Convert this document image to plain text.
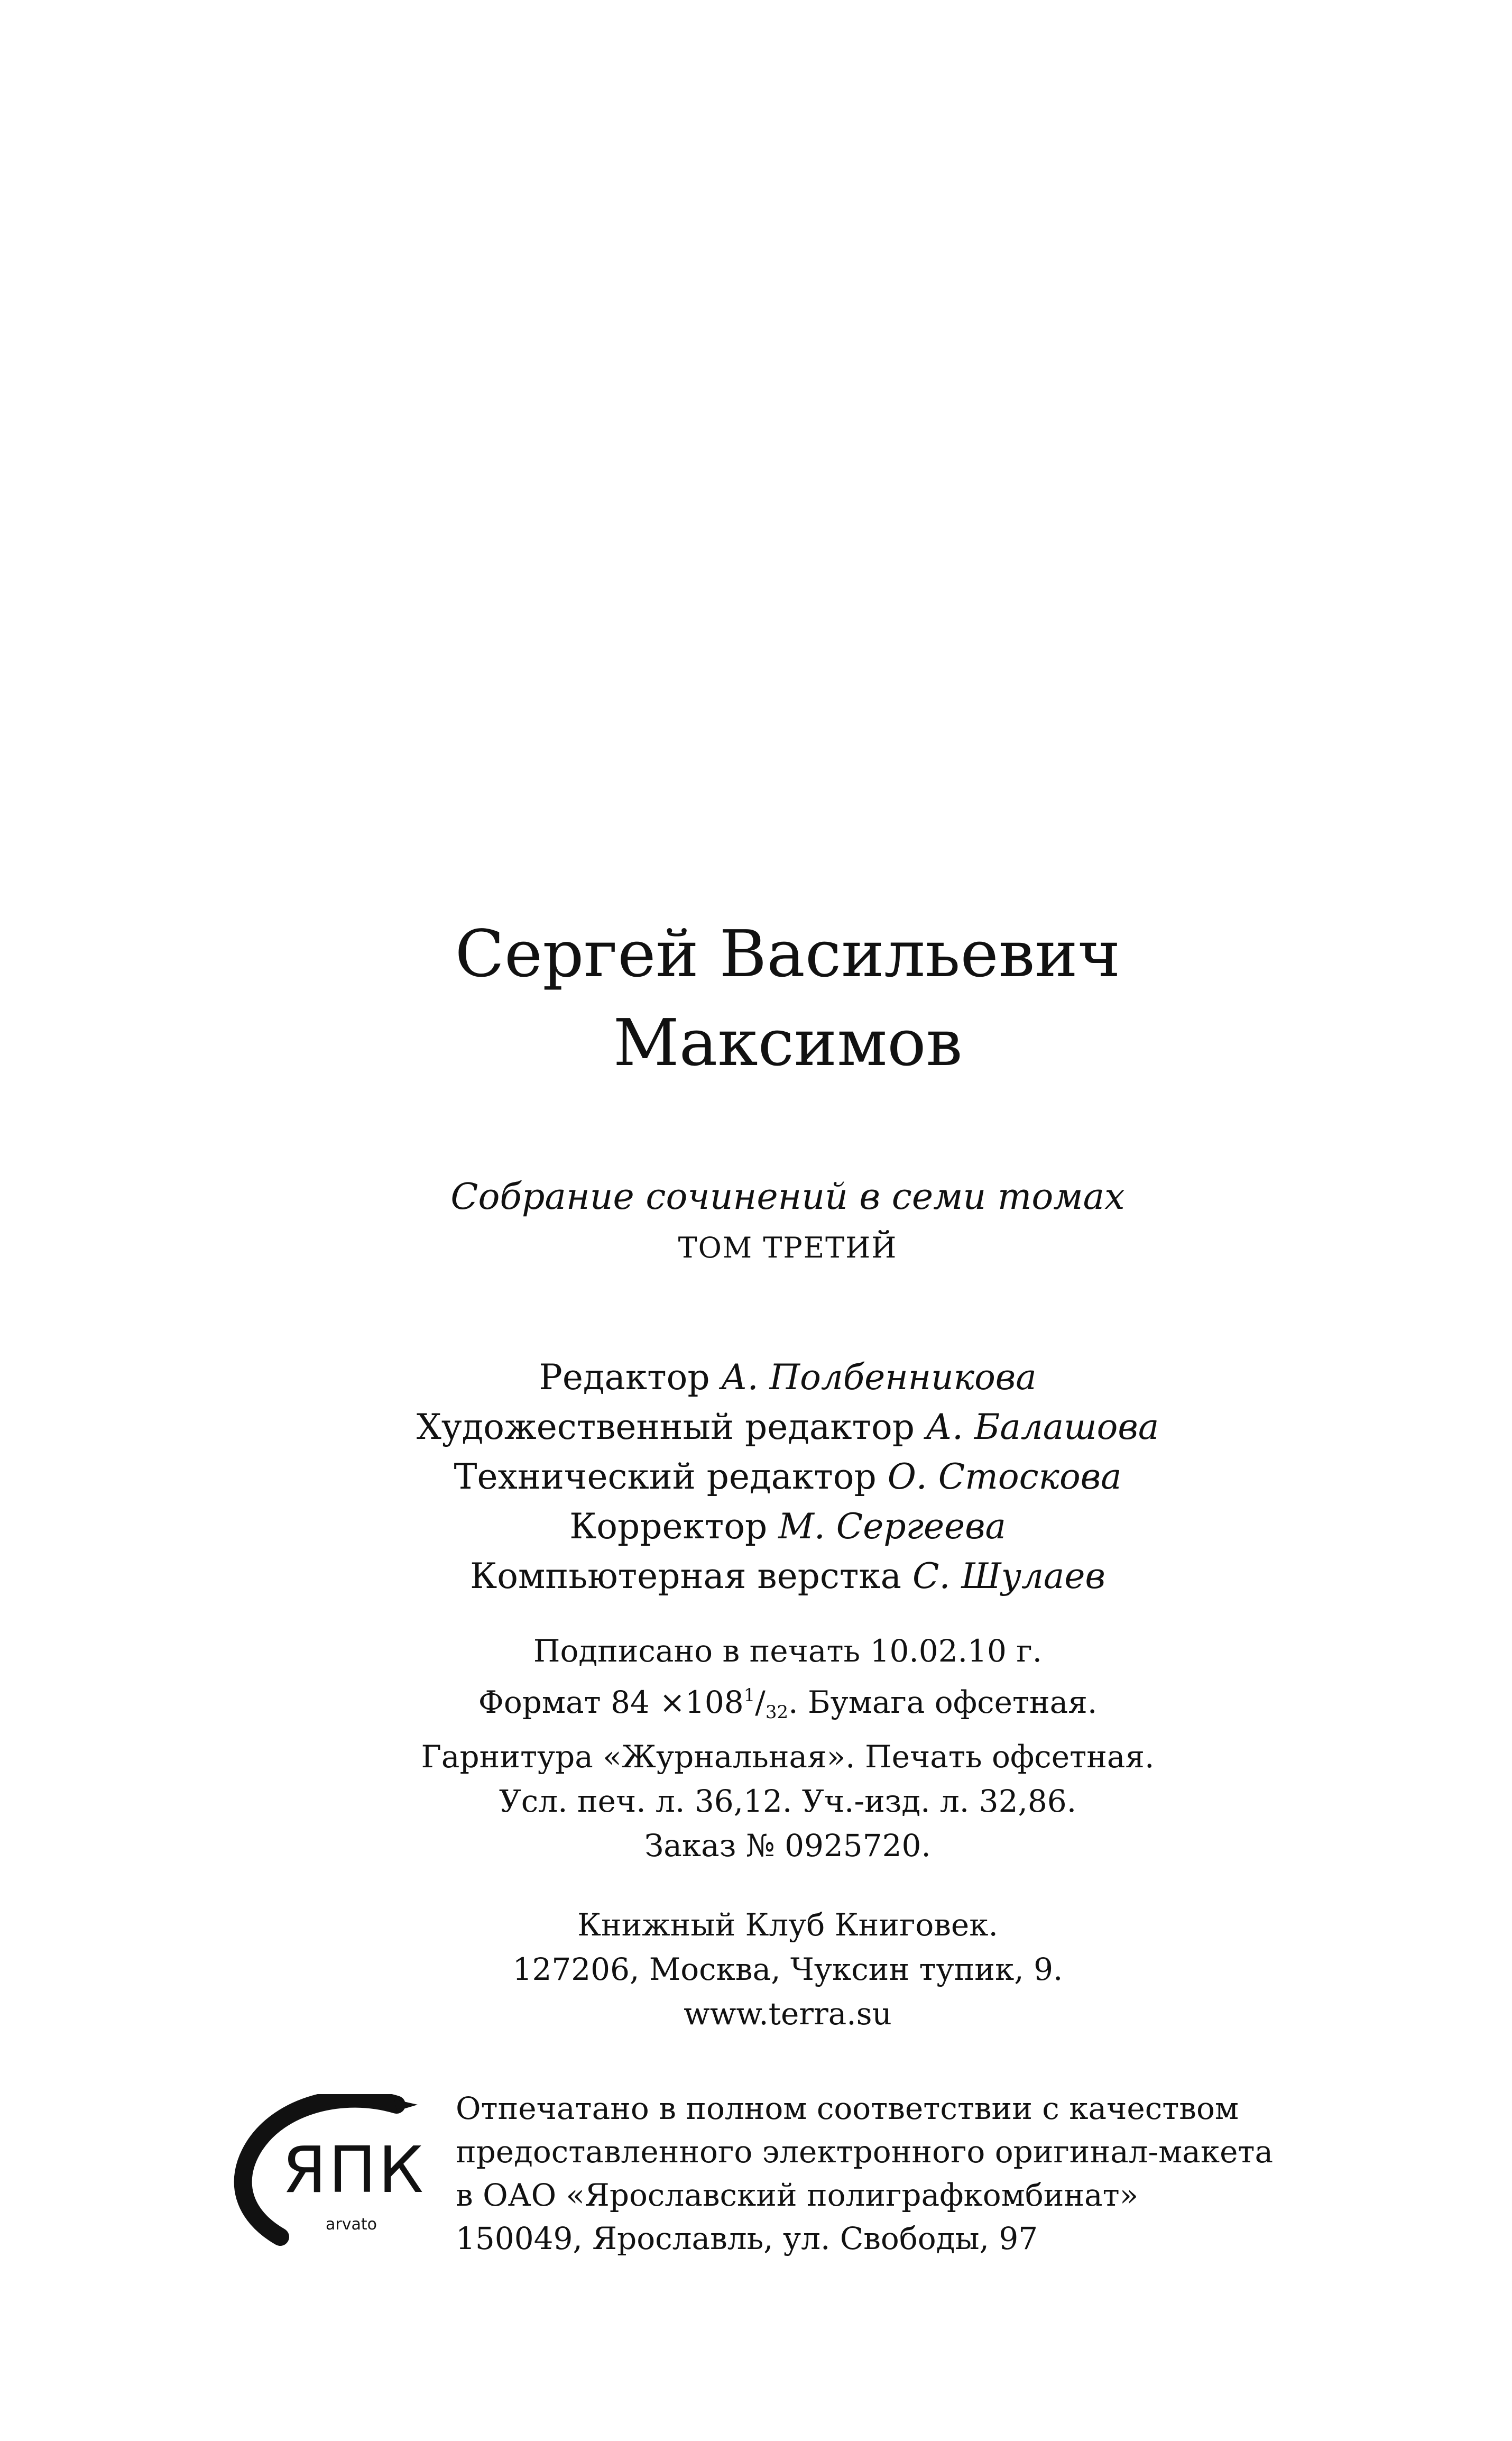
Сергей Васильевич
Максимов
Собрание сочинений в семи томах
ТОМ ТРЕТИЙ
Редактор А. Полбенникова
Художественный редактор А. Балашова
Технический редактор О. Стоскова
Корректор М. Сергеева
Компьютерная верстка С. Шулаев
Подписано в печать 10.02.10 г.
Формат $84 \times 108^1/_{32}$. Бумага офсетная.
Гарнитура «Журнальная». Печать офсетная.
Усл. печ. л. 36,12. Уч.-изд. л. 32,86.
Заказ № 0925720.
Книжный Клуб Книговек.
127206, Москва, Чуксин тупик, 9.
www.terra.su
ЯПК
arvato
Отпечатано в полном соответствии с качеством
предоставленного электронного оригинал-макета
в ОАО «Ярославский полиграфкомбинат»
150049, Ярославль, ул. Свободы, 97
